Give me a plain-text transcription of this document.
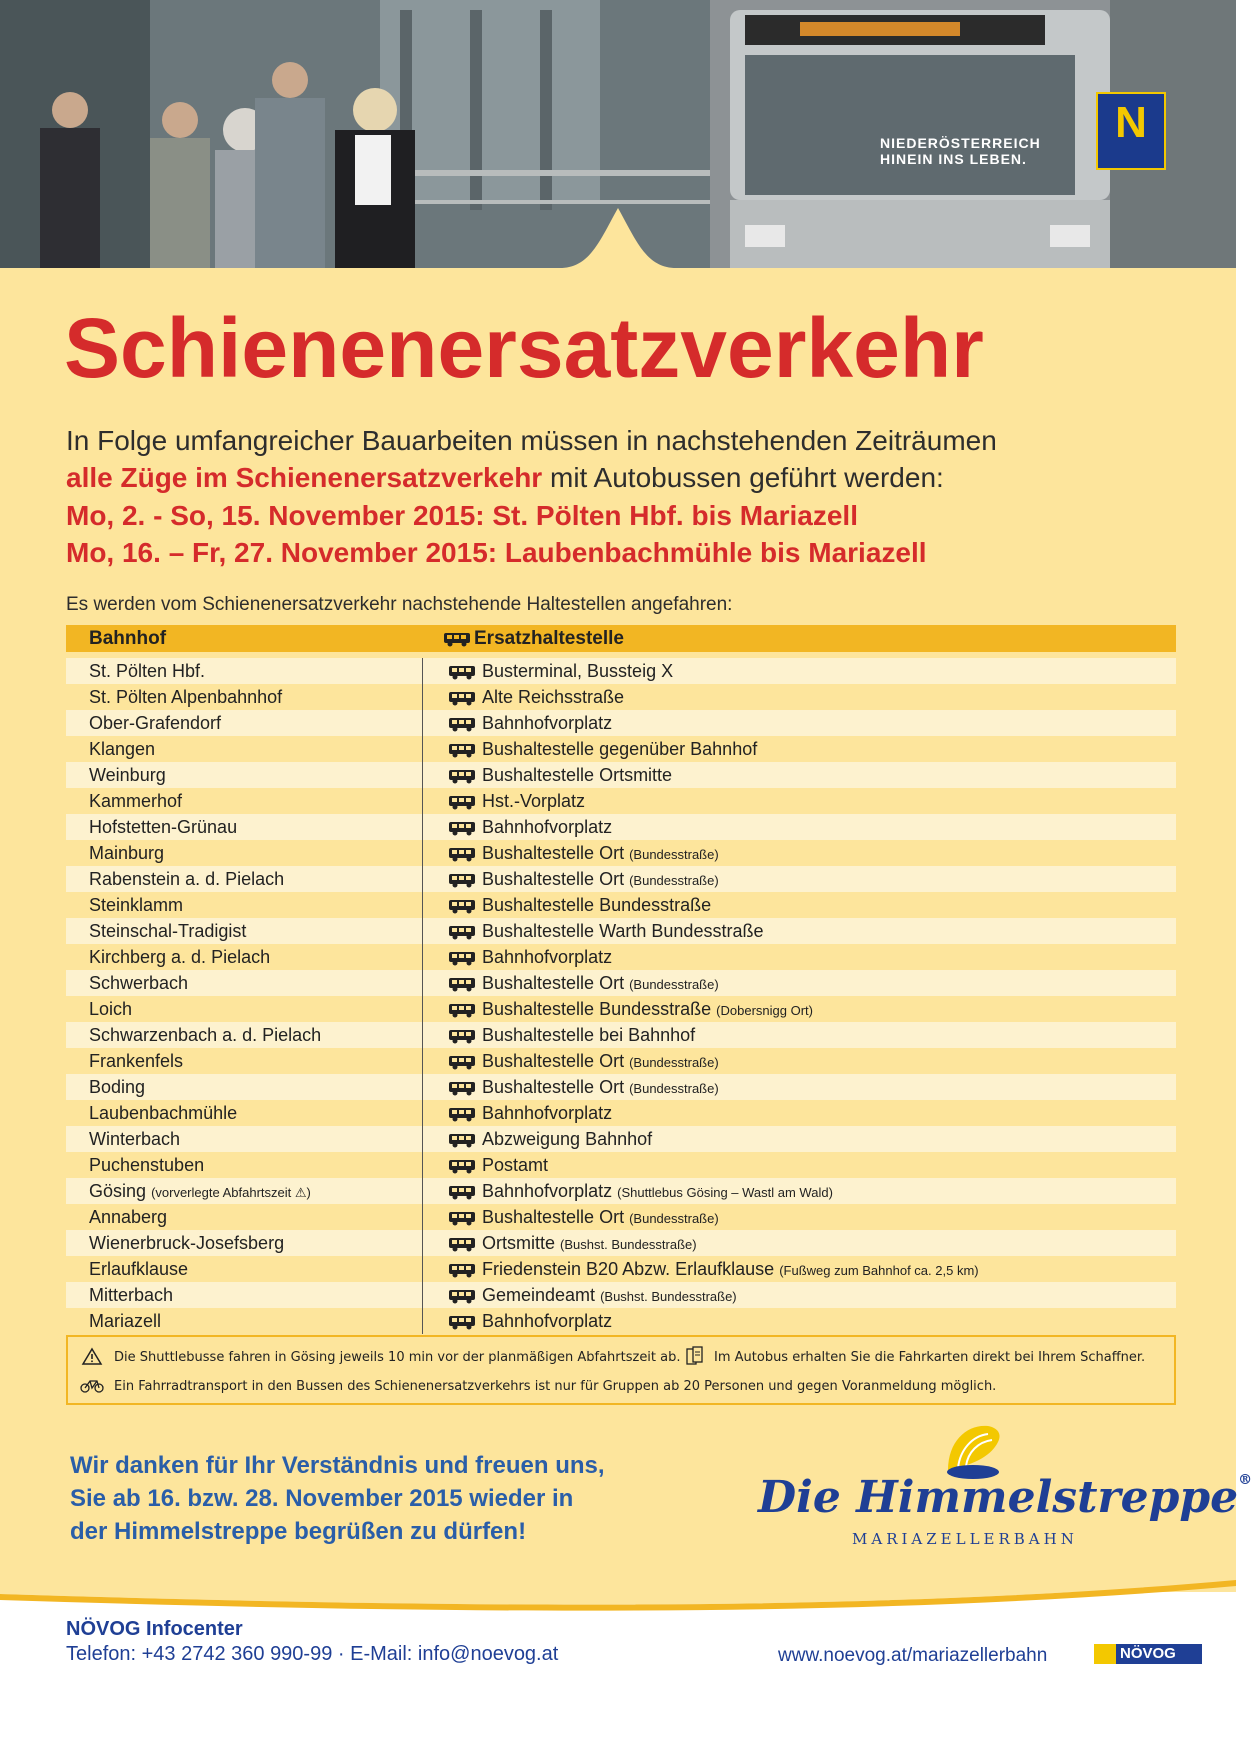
NIEDERÖSTERREICH
HINEIN INS LEBEN.
N
Schienenersatzverkehr
In Folge umfangreicher Bauarbeiten müssen in nachstehenden Zeiträumen
alle Züge im Schienenersatzverkehr mit Autobussen geführt werden:
Mo, 2. - So, 15. November 2015: St. Pölten Hbf. bis Mariazell
Mo, 16. – Fr, 27. November 2015: Laubenbachmühle bis Mariazell
Es werden vom Schienenersatzverkehr nachstehende Haltestellen angefahren:
Bahnhof	Ersatzhaltestelle
St. Pölten Hbf.	Busterminal, Bussteig X
St. Pölten Alpenbahnhof	Alte Reichsstraße
Ober-Grafendorf	Bahnhofvorplatz
Klangen	Bushaltestelle gegenüber Bahnhof
Weinburg	Bushaltestelle Ortsmitte
Kammerhof	Hst.-Vorplatz
Hofstetten-Grünau	Bahnhofvorplatz
Mainburg	Bushaltestelle Ort (Bundesstraße)
Rabenstein a. d. Pielach	Bushaltestelle Ort (Bundesstraße)
Steinklamm	Bushaltestelle Bundesstraße
Steinschal-Tradigist	Bushaltestelle Warth Bundesstraße
Kirchberg a. d. Pielach	Bahnhofvorplatz
Schwerbach	Bushaltestelle Ort (Bundesstraße)
Loich	Bushaltestelle Bundesstraße (Dobersnigg Ort)
Schwarzenbach a. d. Pielach	Bushaltestelle bei Bahnhof
Frankenfels	Bushaltestelle Ort (Bundesstraße)
Boding	Bushaltestelle Ort (Bundesstraße)
Laubenbachmühle	Bahnhofvorplatz
Winterbach	Abzweigung Bahnhof
Puchenstuben	Postamt
Gösing (vorverlegte Abfahrtszeit ⚠)	Bahnhofvorplatz (Shuttlebus Gösing – Wastl am Wald)
Annaberg	Bushaltestelle Ort (Bundesstraße)
Wienerbruck-Josefsberg	Ortsmitte (Bushst. Bundesstraße)
Erlaufklause	Friedenstein B20 Abzw. Erlaufklause (Fußweg zum Bahnhof ca. 2,5 km)
Mitterbach	Gemeindeamt (Bushst. Bundesstraße)
Mariazell	Bahnhofvorplatz
Die Shuttlebusse fahren in Gösing jeweils 10 min vor der planmäßigen Abfahrtszeit ab.	Im Autobus erhalten Sie die Fahrkarten direkt bei Ihrem Schaffner.
Ein Fahrradtransport in den Bussen des Schienenersatzverkehrs ist nur für Gruppen ab 20 Personen und gegen Voranmeldung möglich.
Wir danken für Ihr Verständnis und freuen uns,
Sie ab 16. bzw. 28. November 2015 wieder in
der Himmelstreppe begrüßen zu dürfen!
Die Himmelstreppe®
MARIAZELLERBAHN
NÖVOG Infocenter
Telefon: +43 2742 360 990-99 · E-Mail: info@noevog.at	www.noevog.at/mariazellerbahn	NÖVOG
